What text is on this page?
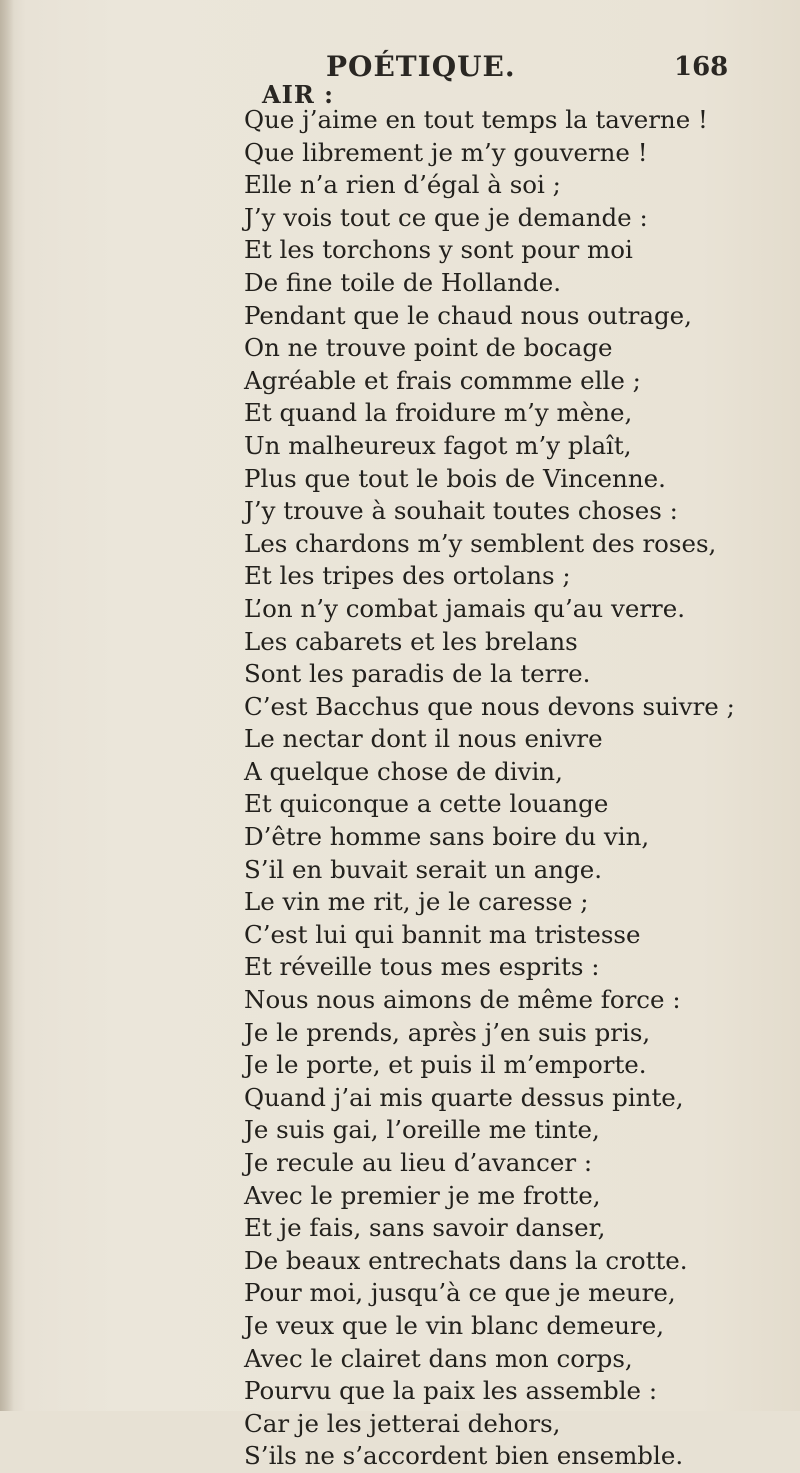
POÉTIQUE.	168
AIR :
Que j’aime en tout temps la taverne !
Que librement je m’y gouverne !
Elle n’a rien d’égal à soi ;
J’y vois tout ce que je demande :
Et les torchons y sont pour moi
De fine toile de Hollande.
Pendant que le chaud nous outrage,
On ne trouve point de bocage
Agréable et frais commme elle ;
Et quand la froidure m’y mène,
Un malheureux fagot m’y plaît,
Plus que tout le bois de Vincenne.
J’y trouve à souhait toutes choses :
Les chardons m’y semblent des roses,
Et les tripes des ortolans ;
L’on n’y combat jamais qu’au verre.
Les cabarets et les brelans
Sont les paradis de la terre.
C’est Bacchus que nous devons suivre ;
Le nectar dont il nous enivre
A quelque chose de divin,
Et quiconque a cette louange
D’être homme sans boire du vin,
S’il en buvait serait un ange.
Le vin me rit, je le caresse ;
C’est lui qui bannit ma tristesse
Et réveille tous mes esprits :
Nous nous aimons de même force :
Je le prends, après j’en suis pris,
Je le porte, et puis il m’emporte.
Quand j’ai mis quarte dessus pinte,
Je suis gai, l’oreille me tinte,
Je recule au lieu d’avancer :
Avec le premier je me frotte,
Et je fais, sans savoir danser,
De beaux entrechats dans la crotte.
Pour moi, jusqu’à ce que je meure,
Je veux que le vin blanc demeure,
Avec le clairet dans mon corps,
Pourvu que la paix les assemble :
Car je les jetterai dehors,
S’ils ne s’accordent bien ensemble.
